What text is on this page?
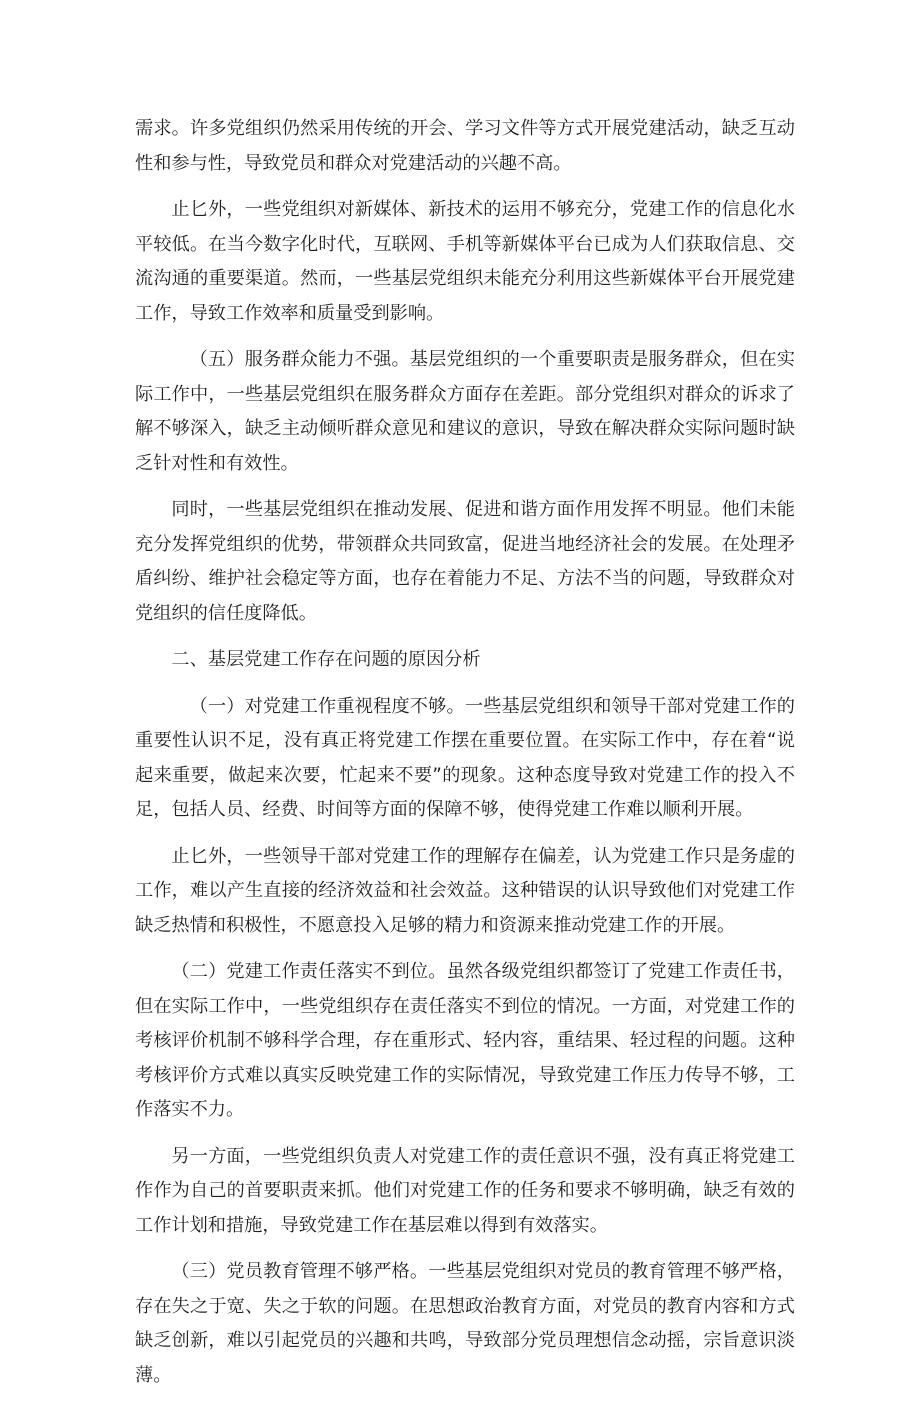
需求。许多党组织仍然采用传统的开会、学习文件等方式开展党建活动，缺乏互动性和参与性，导致党员和群众对党建活动的兴趣不高。

止匕外，一些党组织对新媒体、新技术的运用不够充分，党建工作的信息化水平较低。在当今数字化时代，互联网、手机等新媒体平台已成为人们获取信息、交流沟通的重要渠道。然而，一些基层党组织未能充分利用这些新媒体平台开展党建工作，导致工作效率和质量受到影响。

（五）服务群众能力不强。基层党组织的一个重要职责是服务群众，但在实际工作中，一些基层党组织在服务群众方面存在差距。部分党组织对群众的诉求了解不够深入，缺乏主动倾听群众意见和建议的意识，导致在解决群众实际问题时缺乏针对性和有效性。

同时，一些基层党组织在推动发展、促进和谐方面作用发挥不明显。他们未能充分发挥党组织的优势，带领群众共同致富，促进当地经济社会的发展。在处理矛盾纠纷、维护社会稳定等方面，也存在着能力不足、方法不当的问题，导致群众对党组织的信任度降低。

二、基层党建工作存在问题的原因分析

（一）对党建工作重视程度不够。一些基层党组织和领导干部对党建工作的重要性认识不足，没有真正将党建工作摆在重要位置。在实际工作中，存在着“说起来重要，做起来次要，忙起来不要”的现象。这种态度导致对党建工作的投入不足，包括人员、经费、时间等方面的保障不够，使得党建工作难以顺利开展。

止匕外，一些领导干部对党建工作的理解存在偏差，认为党建工作只是务虚的工作，难以产生直接的经济效益和社会效益。这种错误的认识导致他们对党建工作缺乏热情和积极性，不愿意投入足够的精力和资源来推动党建工作的开展。

（二）党建工作责任落实不到位。虽然各级党组织都签订了党建工作责任书，但在实际工作中，一些党组织存在责任落实不到位的情况。一方面，对党建工作的考核评价机制不够科学合理，存在重形式、轻内容，重结果、轻过程的问题。这种考核评价方式难以真实反映党建工作的实际情况，导致党建工作压力传导不够，工作落实不力。

另一方面，一些党组织负责人对党建工作的责任意识不强，没有真正将党建工作作为自己的首要职责来抓。他们对党建工作的任务和要求不够明确，缺乏有效的工作计划和措施，导致党建工作在基层难以得到有效落实。

（三）党员教育管理不够严格。一些基层党组织对党员的教育管理不够严格，存在失之于宽、失之于软的问题。在思想政治教育方面，对党员的教育内容和方式缺乏创新，难以引起党员的兴趣和共鸣，导致部分党员理想信念动摇，宗旨意识淡薄。
